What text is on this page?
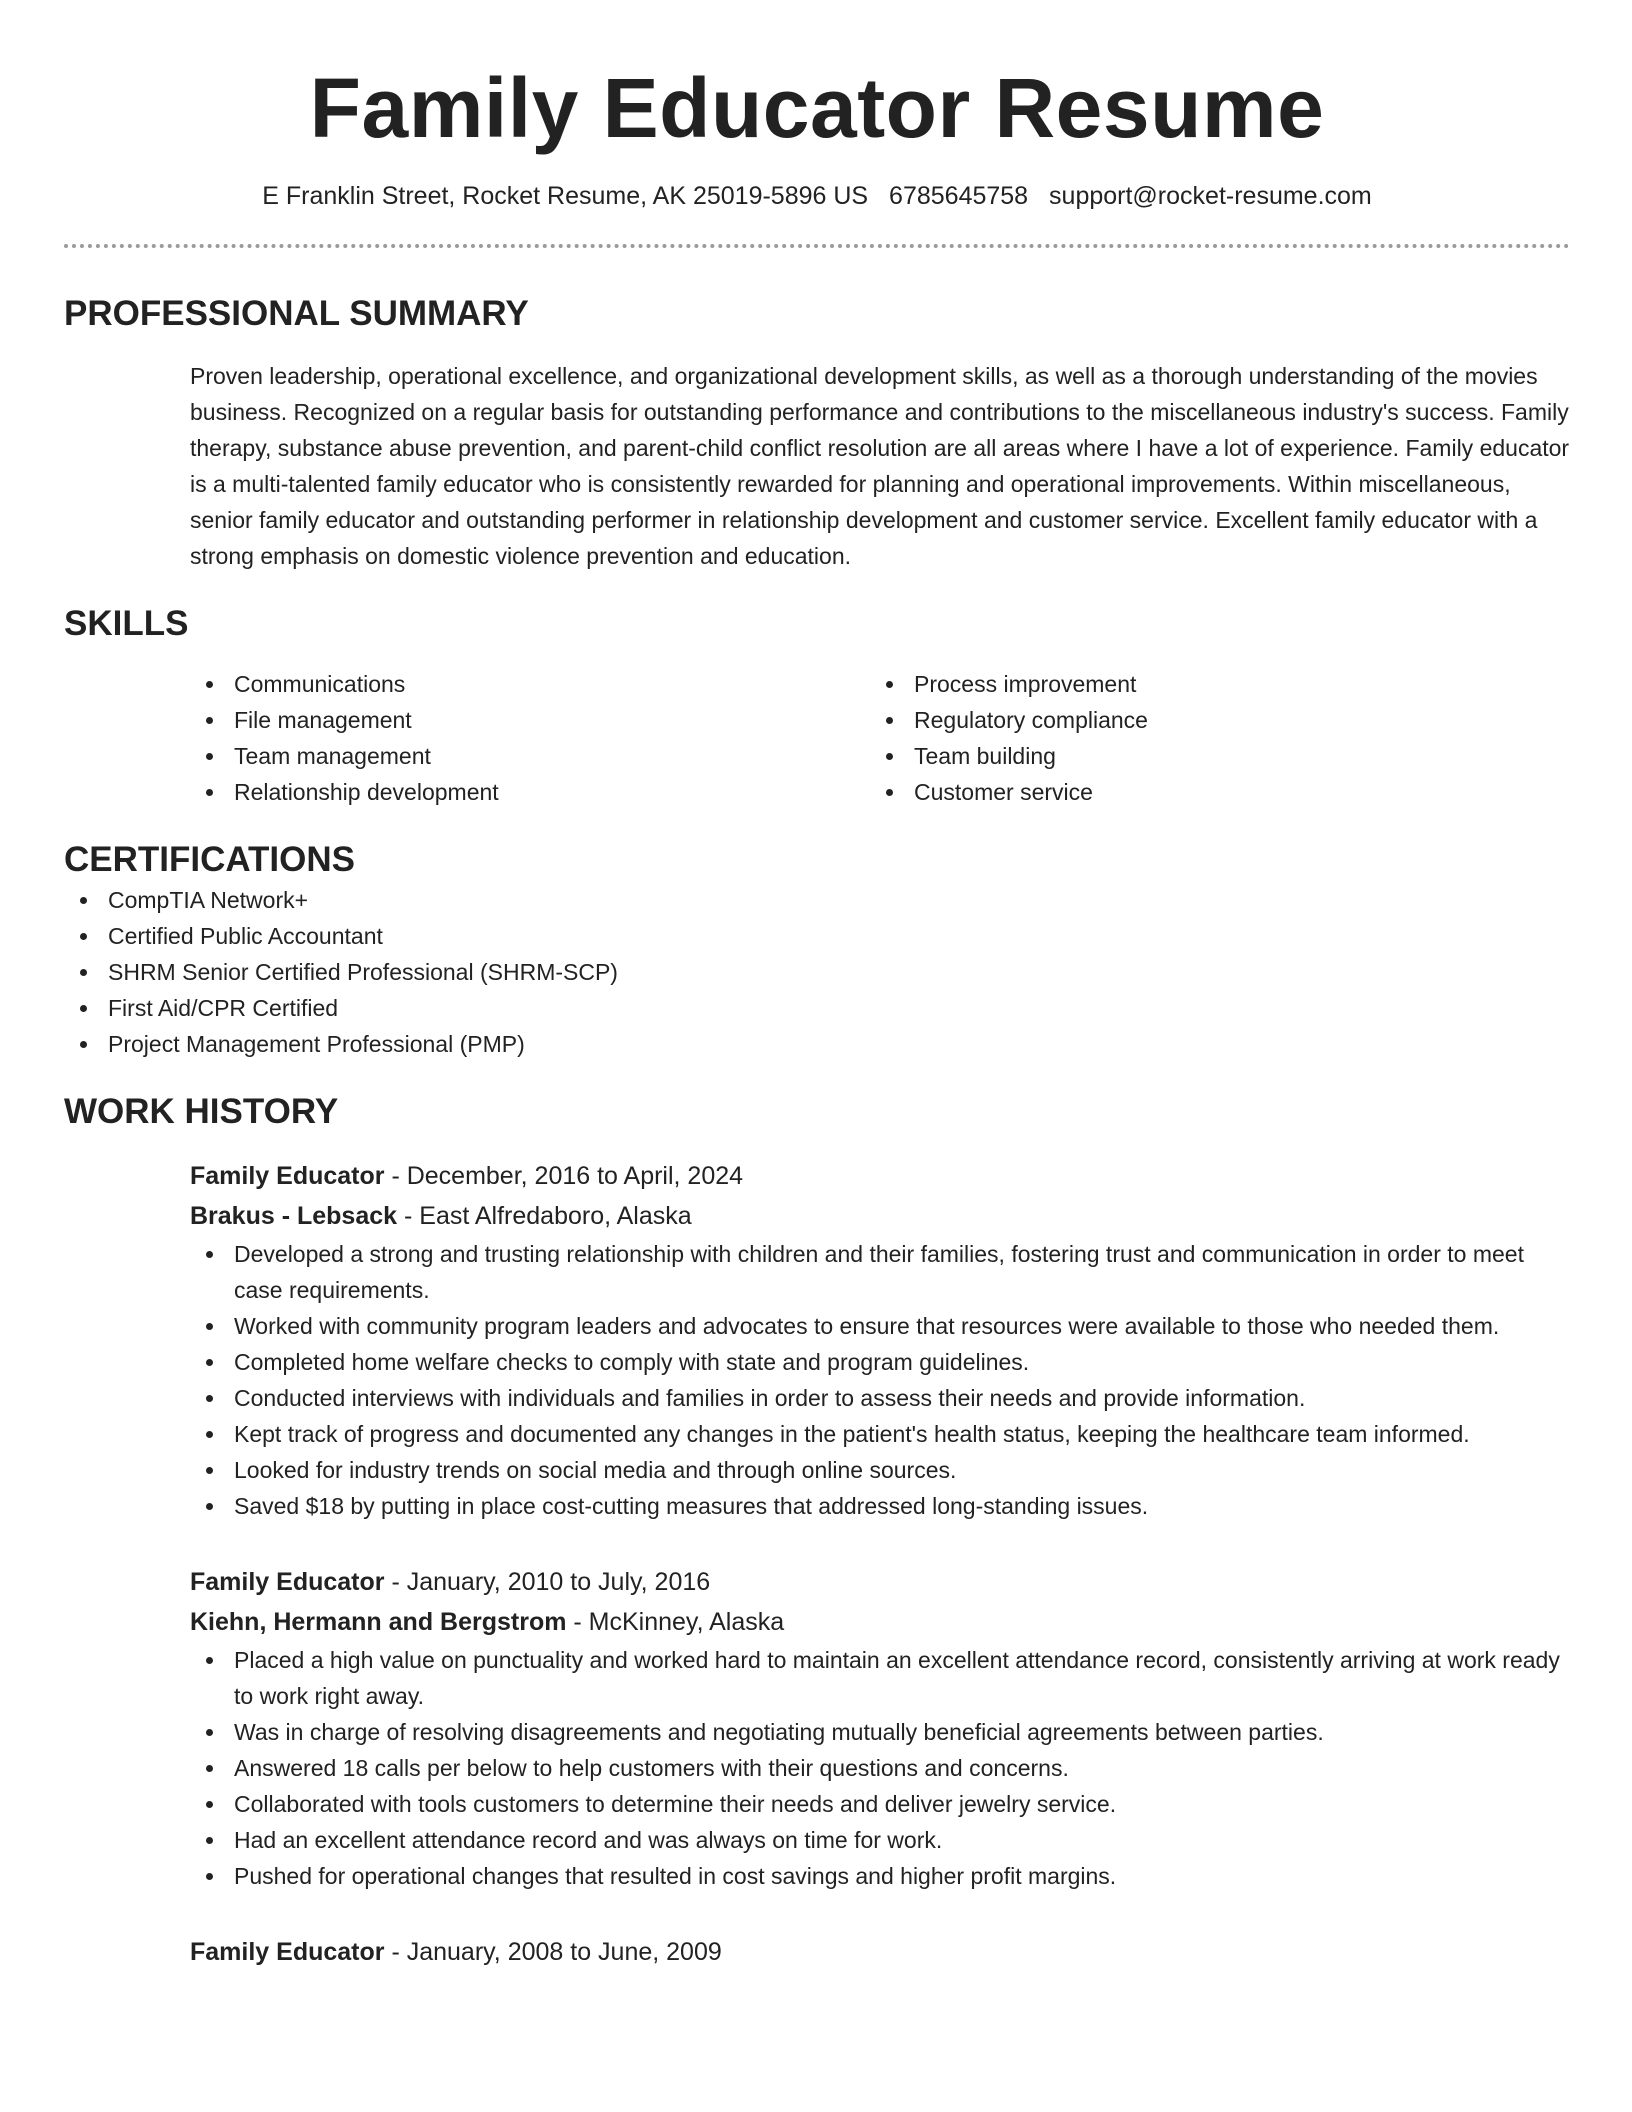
Family Educator Resume
E Franklin Street, Rocket Resume, AK 25019-5896 US 6785645758 support@rocket-resume.com
PROFESSIONAL SUMMARY
Proven leadership, operational excellence, and organizational development skills, as well as a thorough understanding of the movies business. Recognized on a regular basis for outstanding performance and contributions to the miscellaneous industry's success. Family therapy, substance abuse prevention, and parent-child conflict resolution are all areas where I have a lot of experience. Family educator is a multi-talented family educator who is consistently rewarded for planning and operational improvements. Within miscellaneous, senior family educator and outstanding performer in relationship development and customer service. Excellent family educator with a strong emphasis on domestic violence prevention and education.
SKILLS
Communications
File management
Team management
Relationship development
Process improvement
Regulatory compliance
Team building
Customer service
CERTIFICATIONS
CompTIA Network+
Certified Public Accountant
SHRM Senior Certified Professional (SHRM-SCP)
First Aid/CPR Certified
Project Management Professional (PMP)
WORK HISTORY
Family Educator - December, 2016 to April, 2024
Brakus - Lebsack - East Alfredaboro, Alaska
Developed a strong and trusting relationship with children and their families, fostering trust and communication in order to meet case requirements.
Worked with community program leaders and advocates to ensure that resources were available to those who needed them.
Completed home welfare checks to comply with state and program guidelines.
Conducted interviews with individuals and families in order to assess their needs and provide information.
Kept track of progress and documented any changes in the patient's health status, keeping the healthcare team informed.
Looked for industry trends on social media and through online sources.
Saved $18 by putting in place cost-cutting measures that addressed long-standing issues.
Family Educator - January, 2010 to July, 2016
Kiehn, Hermann and Bergstrom - McKinney, Alaska
Placed a high value on punctuality and worked hard to maintain an excellent attendance record, consistently arriving at work ready to work right away.
Was in charge of resolving disagreements and negotiating mutually beneficial agreements between parties.
Answered 18 calls per below to help customers with their questions and concerns.
Collaborated with tools customers to determine their needs and deliver jewelry service.
Had an excellent attendance record and was always on time for work.
Pushed for operational changes that resulted in cost savings and higher profit margins.
Family Educator - January, 2008 to June, 2009
